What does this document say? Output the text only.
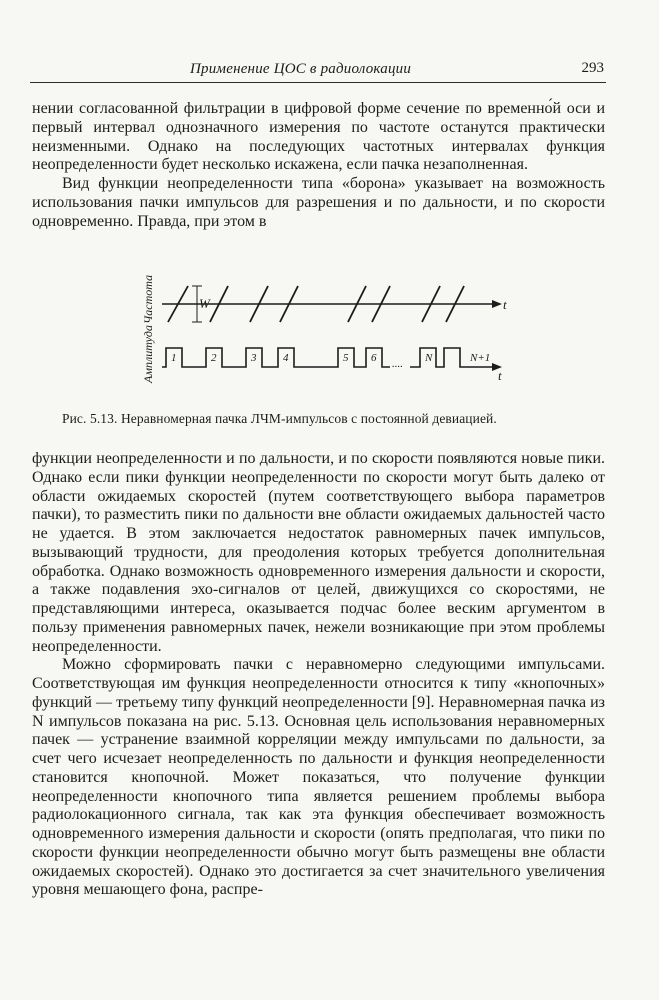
Применение ЦОС в радиолокации	293

нении согласованной фильтрации в цифровой форме сечение по временно́й оси и первый интервал однозначного измерения по частоте останутся практически неизменными. Однако на последующих частотных интервалах функция неопределенности будет несколько искажена, если пачка незаполненная.

Вид функции неопределенности типа «борона» указывает на возможность использования пачки импульсов для разрешения и по дальности, и по скорости одновременно. Правда, при этом в

Амплитуда
Частота	t
W
....
t
1	2	3 4	5 6	N	N+1
Рис. 5.13. Неравномерная пачка ЛЧМ-импульсов с постоянной девиацией.

функции неопределенности и по дальности, и по скорости появляются новые пики. Однако если пики функции неопределенности по скорости могут быть далеко от области ожидаемых скоростей (путем соответствующего выбора параметров пачки), то разместить пики по дальности вне области ожидаемых дальностей часто не удается. В этом заключается недостаток равномерных пачек импульсов, вызывающий трудности, для преодоления которых требуется дополнительная обработка. Однако возможность одновременного измерения дальности и скорости, а также подавления эхо-сигналов от целей, движущихся со скоростями, не представляющими интереса, оказывается подчас более веским аргументом в пользу применения равномерных пачек, нежели возникающие при этом проблемы неопределенности.

Можно сформировать пачки с неравномерно следующими импульсами. Соответствующая им функция неопределенности относится к типу «кнопочных» функций — третьему типу функций неопределенности [9]. Неравномерная пачка из N импульсов показана на рис. 5.13. Основная цель использования неравномерных пачек — устранение взаимной корреляции между импульсами по дальности, за счет чего исчезает неопределенность по дальности и функция неопределенности становится кнопочной. Может показаться, что получение функции неопределенности кнопочного типа является решением проблемы выбора радиолокационного сигнала, так как эта функция обеспечивает возможность одновременного измерения дальности и скорости (опять предполагая, что пики по скорости функции неопределенности обычно могут быть размещены вне области ожидаемых скоростей). Однако это достигается за счет значительного увеличения уровня мешающего фона, распре-
